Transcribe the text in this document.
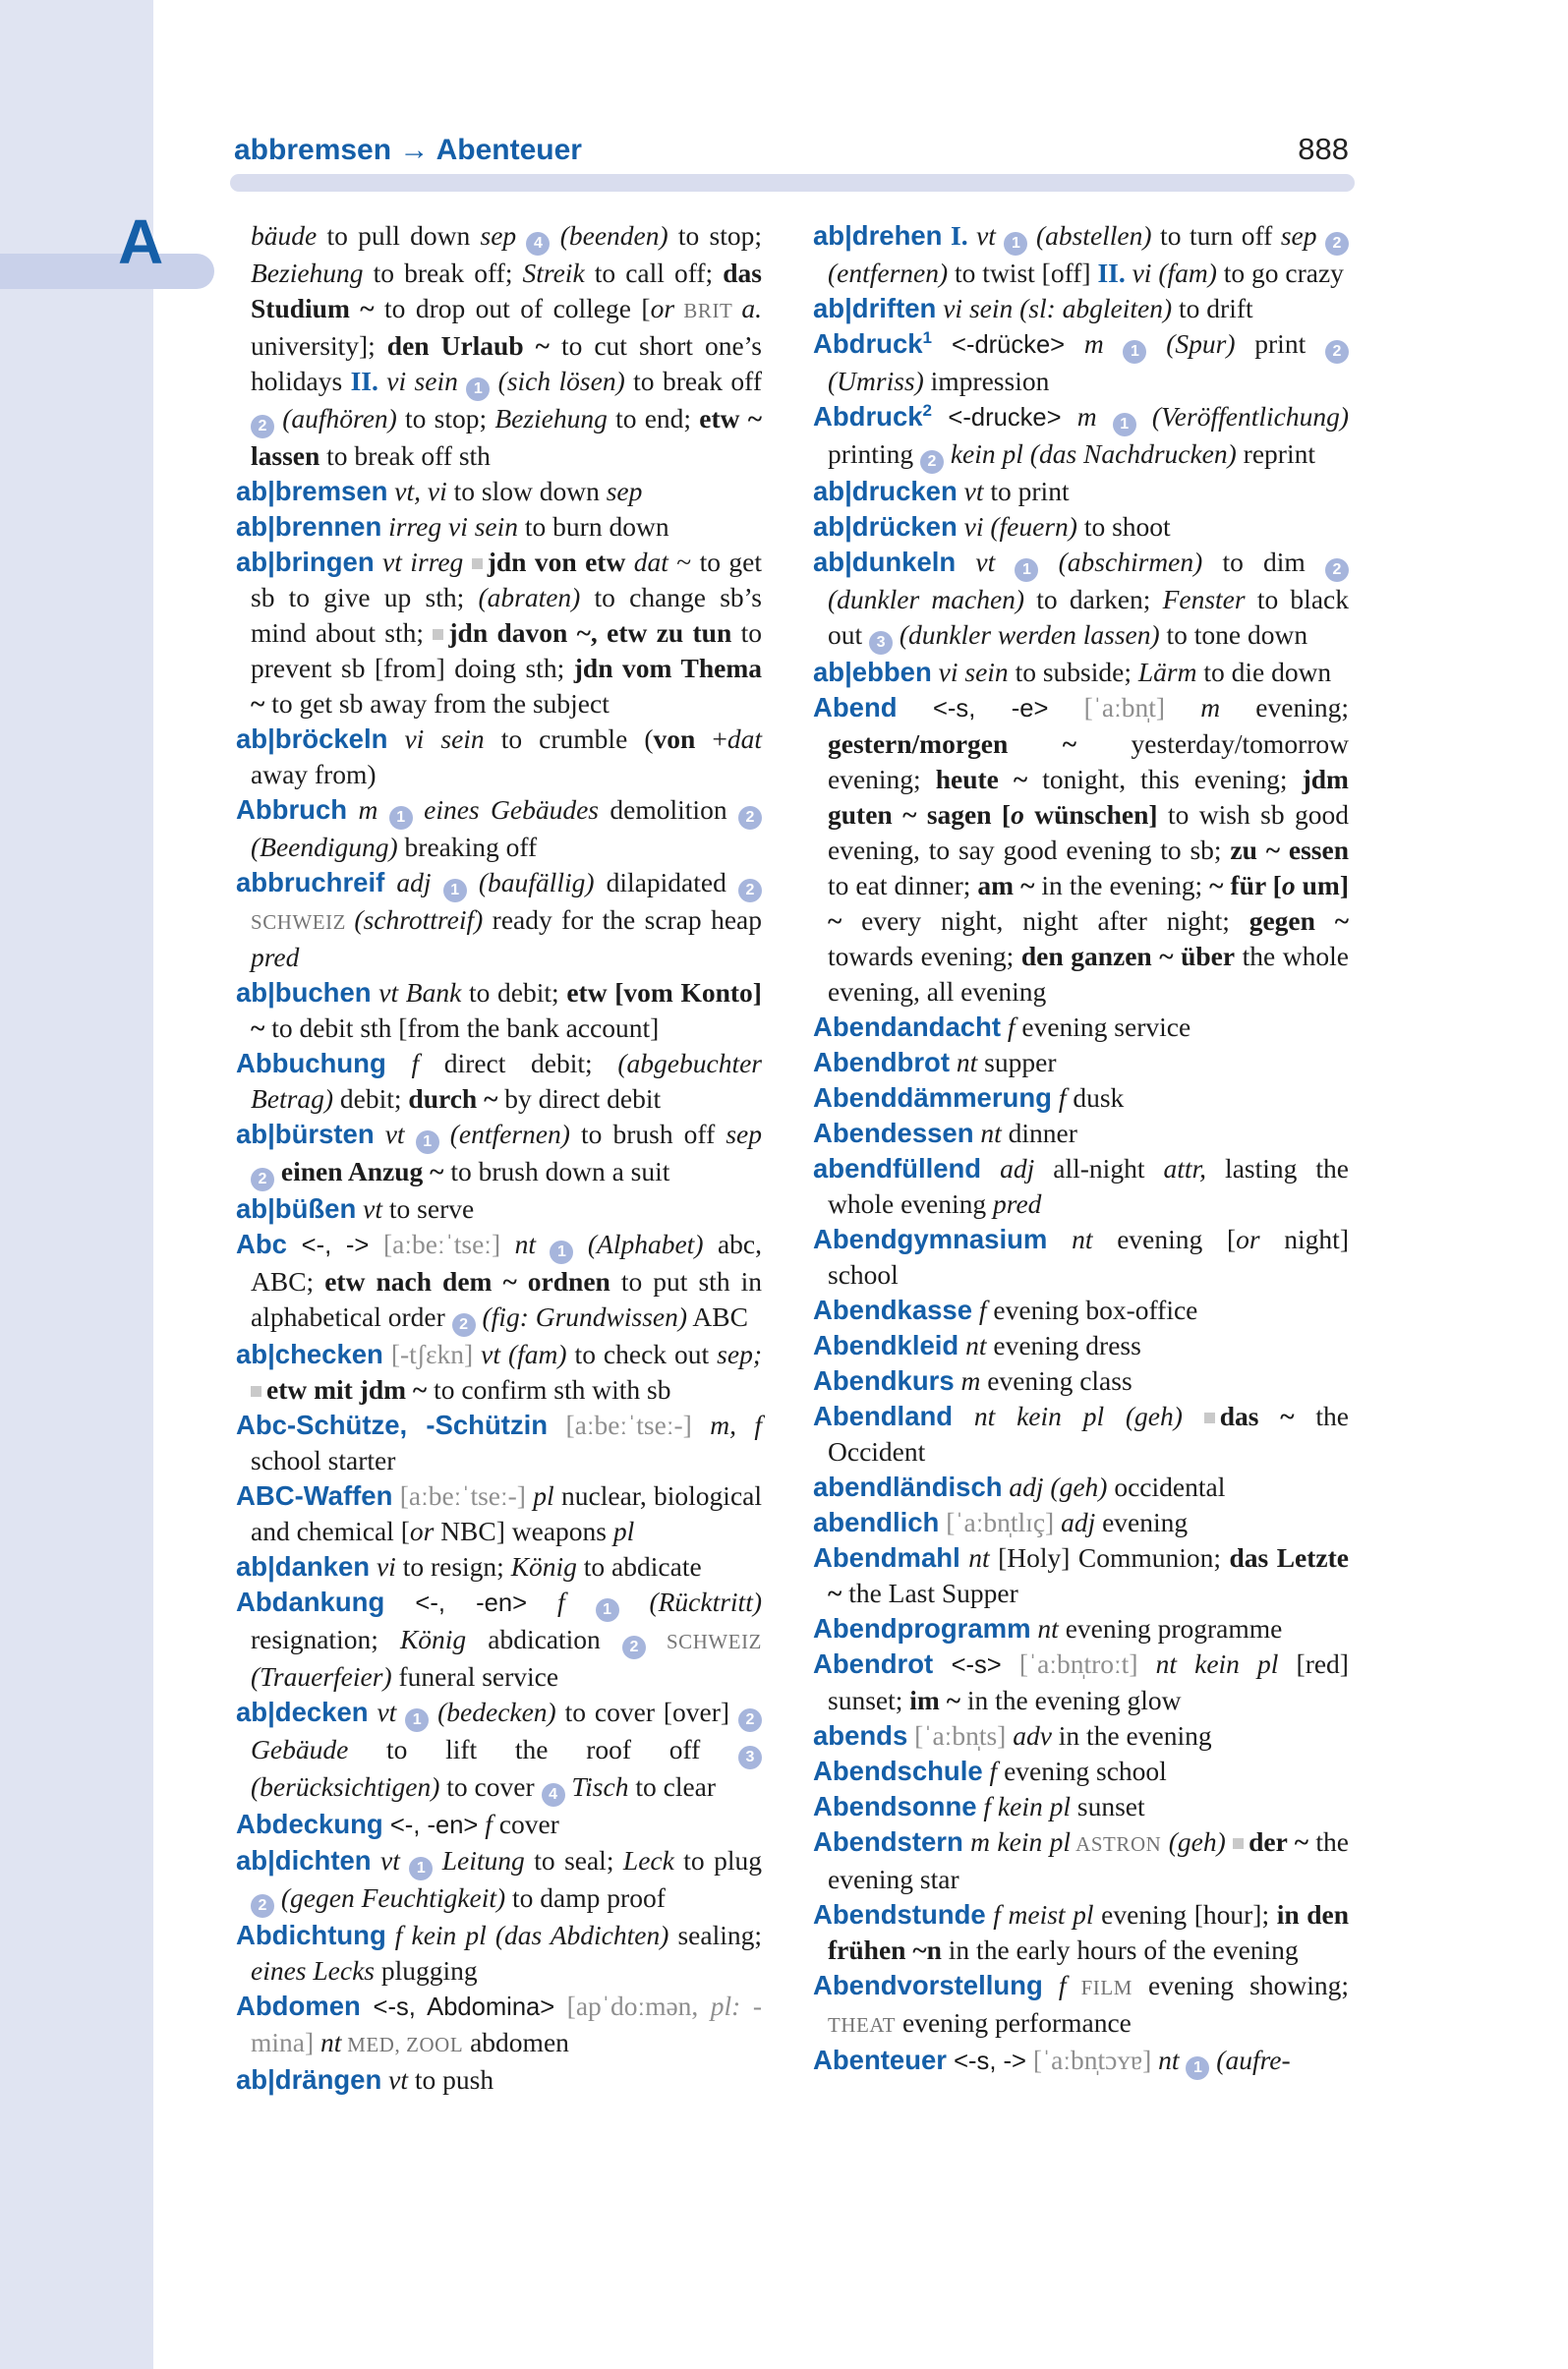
A
abbremsen → Abenteuer	888
bäude to pull down sep 4 (beenden) to stop; Beziehung to break off; Streik to call off; das Studium ~ to drop out of college [or BRIT a. university]; den Urlaub ~ to cut short one’s holidays II. vi sein 1 (sich lösen) to break off 2 (aufhören) to stop; Beziehung to end; etw ~ lassen to break off sth
ab|bremsen vt, vi to slow down sep
ab|brennen irreg vi sein to burn down
ab|bringen vt irreg jdn von etw dat ~ to get sb to give up sth; (abraten) to change sb’s mind about sth; jdn davon ~, etw zu tun to prevent sb [from] doing sth; jdn vom Thema ~ to get sb away from the subject
ab|bröckeln vi sein to crumble (von +dat away from)
Abbruch m 1 eines Gebäudes demolition 2 (Beendigung) breaking off
abbruchreif adj 1 (baufällig) dilapidated 2 SCHWEIZ (schrottreif) ready for the scrap heap pred
ab|buchen vt Bank to debit; etw [vom Konto] ~ to debit sth [from the bank account]
Abbuchung f direct debit; (abgebuchter Betrag) debit; durch ~ by direct debit
ab|bürsten vt 1 (entfernen) to brush off sep 2 einen Anzug ~ to brush down a suit
ab|büßen vt to serve
Abc <-, -> [aːbeːˈtseː] nt 1 (Alphabet) abc, ABC; etw nach dem ~ ordnen to put sth in alphabetical order 2 (fig: Grundwissen) ABC
ab|checken [-tʃɛkn] vt (fam) to check out sep; etw mit jdm ~ to confirm sth with sb
Abc-Schütze, -Schützin [aːbeːˈtseː-] m, f school starter
ABC-Waffen [aːbeːˈtseː-] pl nuclear, biological and chemical [or NBC] weapons pl
ab|danken vi to resign; König to abdicate
Abdankung <-, -en> f 1 (Rücktritt) resignation; König abdication 2 SCHWEIZ (Trauerfeier) funeral service
ab|decken vt 1 (bedecken) to cover [over] 2 Gebäude to lift the roof off 3 (berücksichtigen) to cover 4 Tisch to clear
Abdeckung <-, -en> f cover
ab|dichten vt 1 Leitung to seal; Leck to plug 2 (gegen Feuchtigkeit) to damp proof
Abdichtung f kein pl (das Abdichten) sealing; eines Lecks plugging
Abdomen <-s, Abdomina> [apˈdoːmən, pl: -mina] nt MED, ZOOL abdomen
ab|drängen vt to push
ab|drehen I. vt 1 (abstellen) to turn off sep 2 (entfernen) to twist [off] II. vi (fam) to go crazy
ab|driften vi sein (sl: abgleiten) to drift
Abdruck$^1$ <-drücke> m 1 (Spur) print 2 (Umriss) impression
Abdruck$^2$ <-drucke> m 1 (Veröffentlichung) printing 2 kein pl (das Nachdrucken) reprint
ab|drucken vt to print
ab|drücken vi (feuern) to shoot
ab|dunkeln vt 1 (abschirmen) to dim 2 (dunkler machen) to darken; Fenster to black out 3 (dunkler werden lassen) to tone down
ab|ebben vi sein to subside; Lärm to die down
Abend <-s, -e> [ˈaːbn̩t] m evening; gestern/morgen ~ yesterday/tomorrow evening; heute ~ tonight, this evening; jdm guten ~ sagen [o wünschen] to wish sb good evening, to say good evening to sb; zu ~ essen to eat dinner; am ~ in the evening; ~ für [o um] ~ every night, night after night; gegen ~ towards evening; den ganzen ~ über the whole evening, all evening
Abendandacht f evening service
Abendbrot nt supper
Abenddämmerung f dusk
Abendessen nt dinner
abendfüllend adj all-night attr, lasting the whole evening pred
Abendgymnasium nt evening [or night] school
Abendkasse f evening box-office
Abendkleid nt evening dress
Abendkurs m evening class
Abendland nt kein pl (geh) das ~ the Occident
abendländisch adj (geh) occidental
abendlich [ˈaːbn̩tlɪç] adj evening
Abendmahl nt [Holy] Communion; das Letzte ~ the Last Supper
Abendprogramm nt evening programme
Abendrot <-s> [ˈaːbn̩troːt] nt kein pl [red] sunset; im ~ in the evening glow
abends [ˈaːbn̩ts] adv in the evening
Abendschule f evening school
Abendsonne f kein pl sunset
Abendstern m kein pl ASTRON (geh) der ~ the evening star
Abendstunde f meist pl evening [hour]; in den frühen ~n in the early hours of the evening
Abendvorstellung f FILM evening showing; THEAT evening performance
Abenteuer <-s, -> [ˈaːbn̩tɔʏɐ] nt 1 (aufre-
